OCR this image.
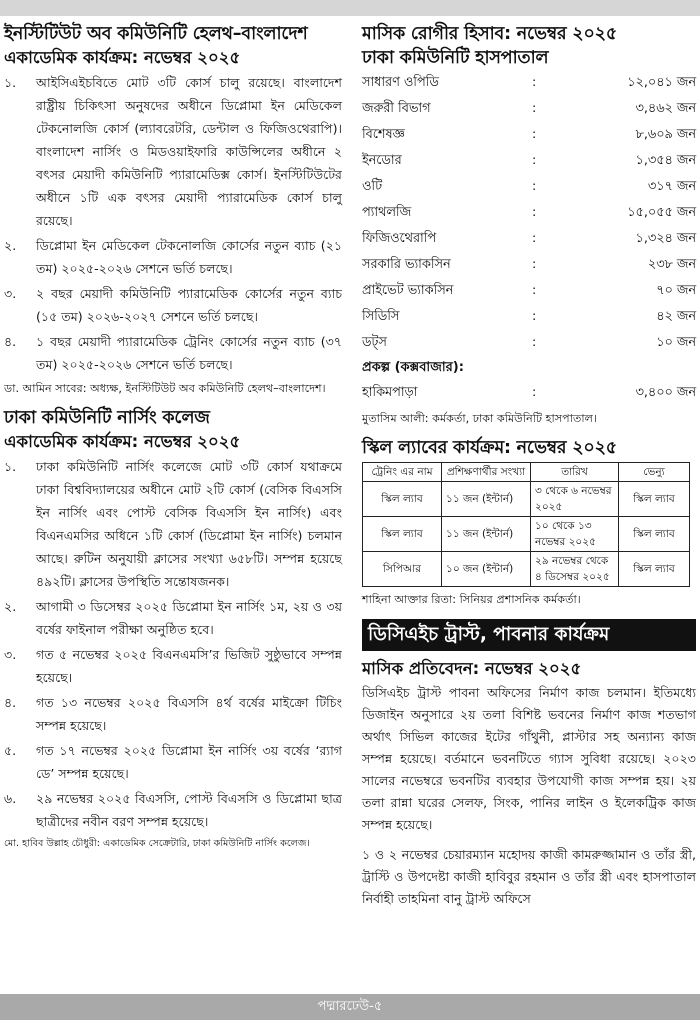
ইনস্টিটিউট অব কমিউনিটি হেলথ–বাংলাদেশ
একাডেমিক কার্যক্রম: নভেম্বর ২০২৫
১.	আইসিএইচবিতে মোট ৩টি কোর্স চালু রয়েছে। বাংলাদেশ রাষ্ট্রীয় চিকিৎসা অনুষদের অধীনে ডিপ্লোমা ইন মেডিকেল টেকনোলজি কোর্স (ল্যাবরেটরি, ডেন্টাল ও ফিজিওথেরাপি)। বাংলাদেশ নার্সিং ও মিডওয়াইফারি কাউন্সিলের অধীনে ২ বৎসর মেয়াদী কমিউনিটি প্যারামেডিক্স কোর্স। ইনস্টিটিউটের অধীনে ১টি এক বৎসর মেয়াদী প্যারামেডিক কোর্স চালু রয়েছে।
২.	ডিপ্লোমা ইন মেডিকেল টেকনোলজি কোর্সের নতুন ব্যাচ (২১ তম) ২০২৫-২০২৬ সেশনে ভর্তি চলছে।
৩.	২ বছর মেয়াদী কমিউনিটি প্যারামেডিক কোর্সের নতুন ব্যাচ (১৫ তম) ২০২৬-২০২৭ সেশনে ভর্তি চলছে।
৪.	১ বছর মেয়াদী প্যারামেডিক ট্রেনিং কোর্সের নতুন ব্যাচ (৩৭ তম) ২০২৫-২০২৬ সেশনে ভর্তি চলছে।
ডা. আমিন সাবের: অধ্যক্ষ, ইনস্টিটিউট অব কমিউনিটি হেলথ–বাংলাদেশ।
ঢাকা কমিউনিটি নার্সিং কলেজ
একাডেমিক কার্যক্রম: নভেম্বর ২০২৫
১.	ঢাকা কমিউনিটি নার্সিং কলেজে মোট ৩টি কোর্স যথাক্রমে ঢাকা বিশ্ববিদ্যালয়ের অধীনে মোট ২টি কোর্স (বেসিক বিএসসি ইন নার্সিং এবং পোস্ট বেসিক বিএসসি ইন নার্সিং) এবং বিএনএমসির অধিনে ১টি কোর্স (ডিপ্লোমা ইন নার্সিং) চলমান আছে। রুটিন অনুযায়ী ক্লাসের সংখ্যা ৬৫৮টি। সম্পন্ন হয়েছে ৪৯২টি। ক্লাসের উপস্থিতি সন্তোষজনক।
২.	আগামী ৩ ডিসেম্বর ২০২৫ ডিপ্লোমা ইন নার্সিং ১ম, ২য় ও ৩য় বর্ষের ফাইনাল পরীক্ষা অনুষ্ঠিত হবে।
৩.	গত ৫ নভেম্বর ২০২৫ বিএনএমসি’র ভিজিট সুষ্ঠুভাবে সম্পন্ন হয়েছে।
৪.	গত ১৩ নভেম্বর ২০২৫ বিএসসি ৪র্থ বর্ষের মাইক্রো টিচিং সম্পন্ন হয়েছে।
৫.	গত ১৭ নভেম্বর ২০২৫ ডিপ্লোমা ইন নার্সিং ৩য় বর্ষের ‘র‍্যাগ ডে’ সম্পন্ন হয়েছে।
৬.	২৯ নভেম্বর ২০২৫ বিএসসি, পোস্ট বিএসসি ও ডিপ্লোমা ছাত্র ছাত্রীদের নবীন বরণ সম্পন্ন হয়েছে।
মো. হাবিব উল্লাহ চৌধুরী: একাডেমিক সেক্রেটারি, ঢাকা কমিউনিটি নার্সিং কলেজ।
মাসিক রোগীর হিসাব: নভেম্বর ২০২৫
ঢাকা কমিউনিটি হাসপাতাল
সাধারণ ওপিডি	:	১২,০৪১ জন
জরুরী বিভাগ	:	৩,৪৬২ জন
বিশেষজ্ঞ	:	৮,৬০৯ জন
ইনডোর	:	১,৩৫৪ জন
ওটি	:	৩১৭ জন
প্যাথলজি	:	১৫,০৫৫ জন
ফিজিওথেরাপি	:	১,৩২৪ জন
সরকারি ভ্যাকসিন	:	২৩৮ জন
প্রাইভেট ভ্যাকসিন	:	৭০ জন
সিডিসি	:	৪২ জন
ডট্স	:	১০ জন
প্রকল্প (কক্সবাজার):
হাকিমপাড়া	:	৩,৪০০ জন
মুতাসিম আলী: কর্মকর্তা, ঢাকা কমিউনিটি হাসপাতাল।
স্কিল ল্যাবের কার্যক্রম: নভেম্বর ২০২৫
ট্রেনিং এর নাম	প্রশিক্ষণার্থীর সংখ্যা	তারিখ	ভেন্যু
স্কিল ল্যাব	১১ জন (ইন্টার্ন)	৩ থেকে ৬ নভেম্বর ২০২৫	স্কিল ল্যাব
স্কিল ল্যাব	১১ জন (ইন্টার্ন)	১০ থেকে ১৩ নভেম্বর ২০২৫	স্কিল ল্যাব
সিপিআর	১০ জন (ইন্টার্ন)	২৯ নভেম্বর থেকে ৪ ডিসেম্বর ২০২৫	স্কিল ল্যাব
শাহিনা আক্তার রিতা: সিনিয়র প্রশাসনিক কর্মকর্তা।
ডিসিএইচ ট্রাস্ট, পাবনার কার্যক্রম
মাসিক প্রতিবেদন: নভেম্বর ২০২৫

ডিসিএইচ ট্রাস্ট পাবনা অফিসের নির্মাণ কাজ চলমান। ইতিমধ্যে ডিজাইন অনুসারে ২য় তলা বিশিষ্ট ভবনের নির্মাণ কাজ শতভাগ অর্থাৎ সিভিল কাজের ইটের গাঁথুনী, প্লাস্টার সহ অন্যান্য কাজ সম্পন্ন হয়েছে। বর্তমানে ভবনটিতে গ্যাস সুবিধা রয়েছে। ২০২৩ সালের নভেম্বরে ভবনটির ব্যবহার উপযোগী কাজ সম্পন্ন হয়। ২য় তলা রান্না ঘরের সেলফ, সিংক, পানির লাইন ও ইলেকট্রিক কাজ সম্পন্ন হয়েছে।

১ ও ২ নভেম্বর চেয়ারম্যান মহোদয় কাজী কামরুজ্জামান ও তাঁর স্ত্রী, ট্রাস্টি ও উপদেষ্টা কাজী হাবিবুর রহমান ও তাঁর স্ত্রী এবং হাসপাতাল নির্বাহী তাহমিনা বানু ট্রাস্ট অফিসে

পদ্মারঢেউ-৫
